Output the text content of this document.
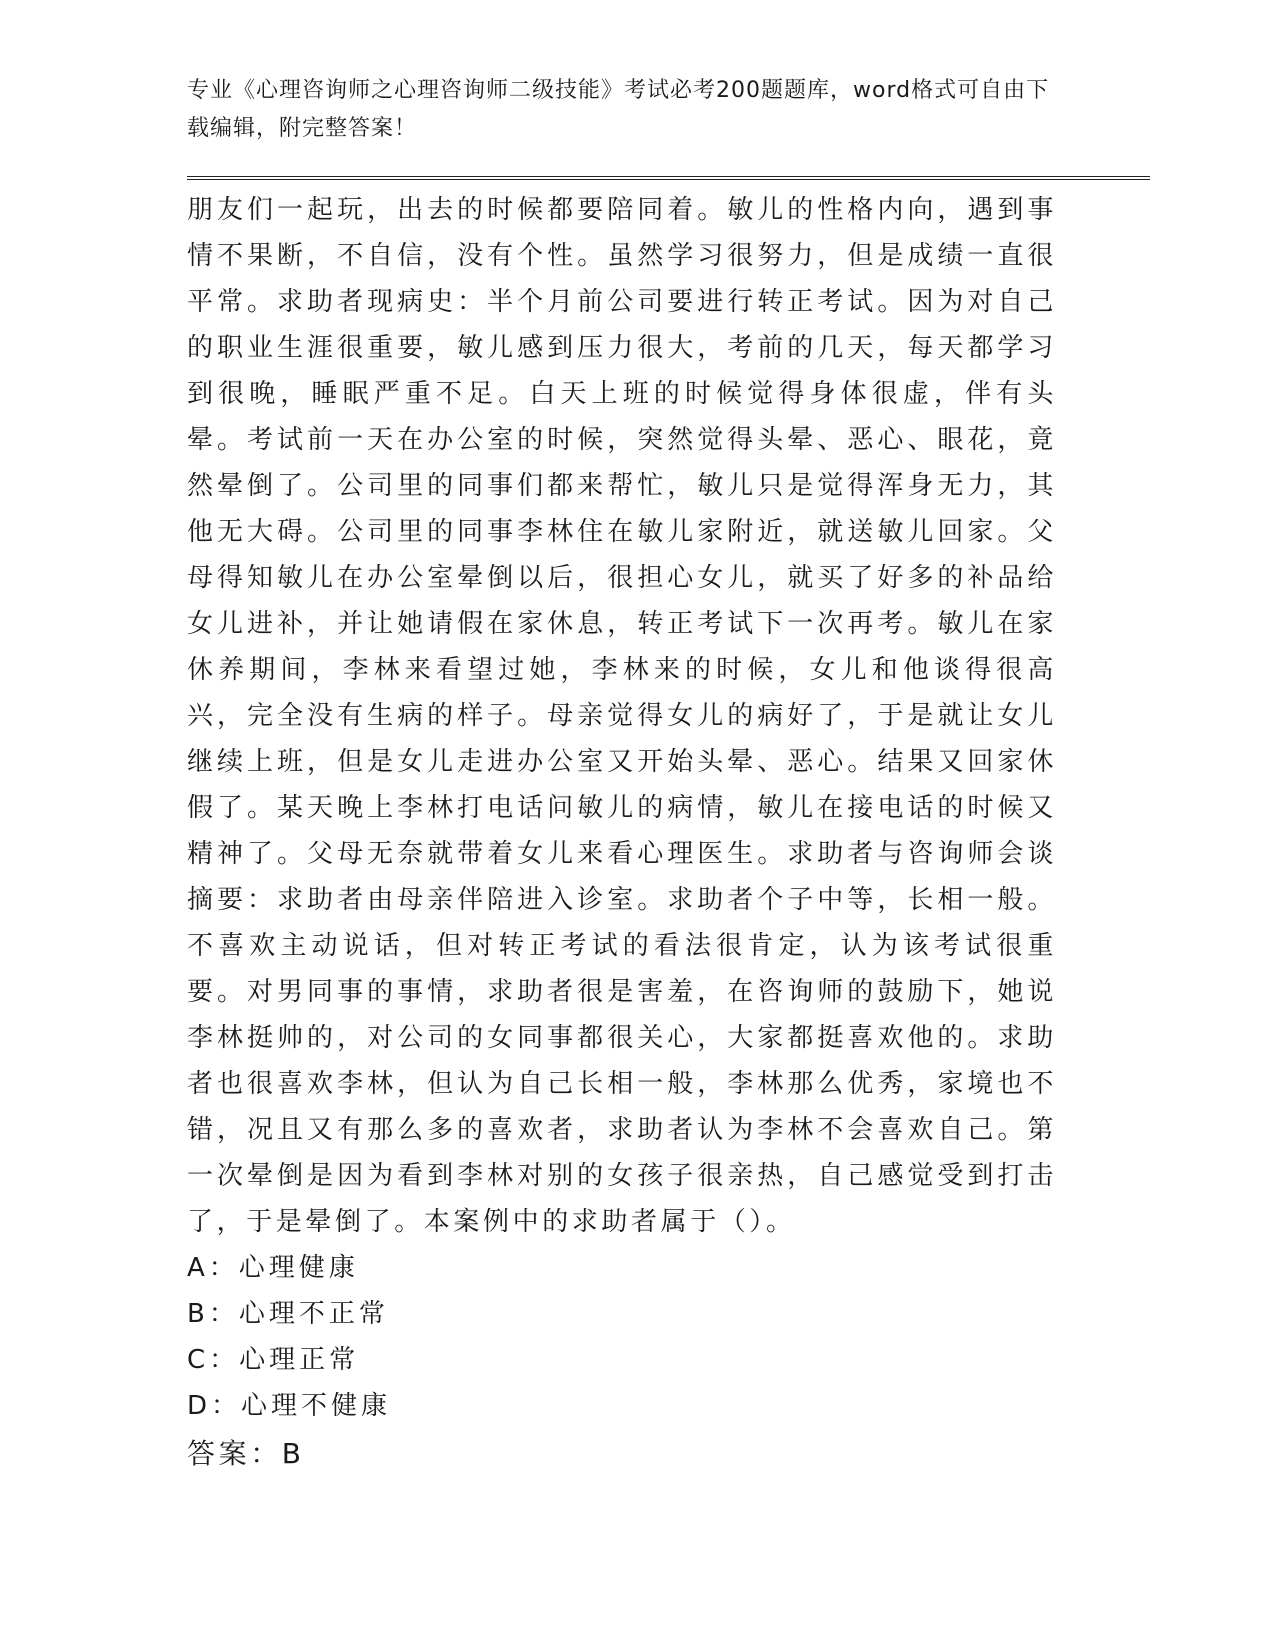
专业《心理咨询师之心理咨询师二级技能》考试必考200题题库，word格式可自由下载编辑，附完整答案！

朋友们一起玩，出去的时候都要陪同着。敏儿的性格内向，遇到事情不果断，不自信，没有个性。虽然学习很努力，但是成绩一直很平常。求助者现病史：半个月前公司要进行转正考试。因为对自己的职业生涯很重要，敏儿感到压力很大，考前的几天，每天都学习到很晚，睡眠严重不足。白天上班的时候觉得身体很虚，伴有头晕。考试前一天在办公室的时候，突然觉得头晕、恶心、眼花，竟然晕倒了。公司里的同事们都来帮忙，敏儿只是觉得浑身无力，其他无大碍。公司里的同事李林住在敏儿家附近，就送敏儿回家。父母得知敏儿在办公室晕倒以后，很担心女儿，就买了好多的补品给女儿进补，并让她请假在家休息，转正考试下一次再考。敏儿在家休养期间，李林来看望过她，李林来的时候，女儿和他谈得很高兴，完全没有生病的样子。母亲觉得女儿的病好了，于是就让女儿继续上班，但是女儿走进办公室又开始头晕、恶心。结果又回家休假了。某天晚上李林打电话问敏儿的病情，敏儿在接电话的时候又精神了。父母无奈就带着女儿来看心理医生。求助者与咨询师会谈摘要：求助者由母亲伴陪进入诊室。求助者个子中等，长相一般。不喜欢主动说话，但对转正考试的看法很肯定，认为该考试很重要。对男同事的事情，求助者很是害羞，在咨询师的鼓励下，她说李林挺帅的，对公司的女同事都很关心，大家都挺喜欢他的。求助者也很喜欢李林，但认为自己长相一般，李林那么优秀，家境也不错，况且又有那么多的喜欢者，求助者认为李林不会喜欢自己。第一次晕倒是因为看到李林对别的女孩子很亲热，自己感觉受到打击了，于是晕倒了。本案例中的求助者属于（）。

A：心理健康
B：心理不正常
C：心理正常
D：心理不健康
答案：B
